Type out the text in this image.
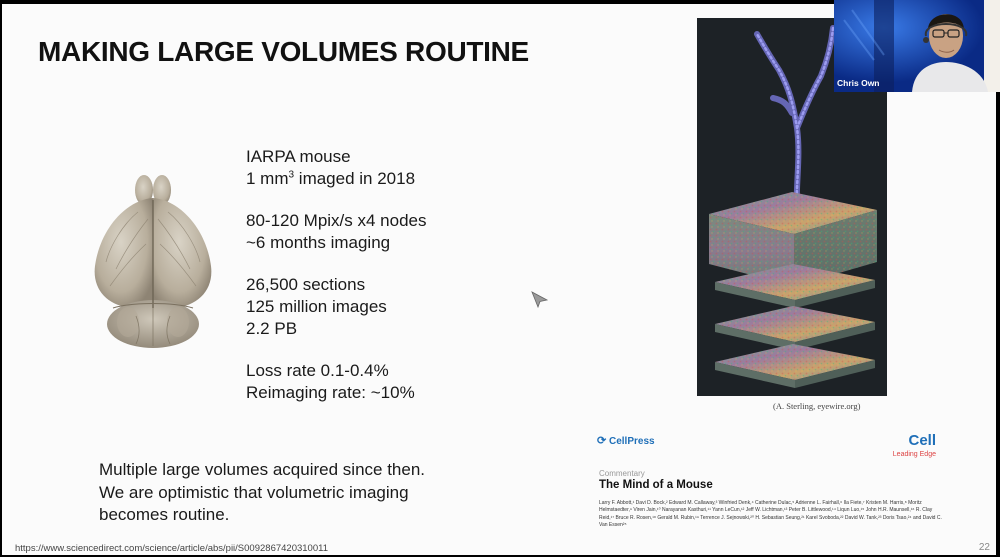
MAKING LARGE VOLUMES ROUTINE
IARPA mouse
1 $mm^3$ imaged in 2018
80-120 Mpix/s x4 nodes
~6 months imaging
26,500 sections
125 million images
2.2 PB
Loss rate 0.1-0.4%
Reimaging rate: ~10%
Multiple large volumes acquired since then.
We are optimistic that volumetric imaging
becomes routine.
https://www.sciencedirect.com/science/article/abs/pii/S0092867420310011	22
(A. Sterling, eyewire.org)
⟳ CellPress	Cell
Leading Edge
Commentary
The Mind of a Mouse
Larry F. Abbott,¹ Davi D. Bock,² Edward M. Callaway,³ Winfried Denk,⁴ Catherine Dulac,⁵ Adrienne L. Fairhall,⁶ Ila Fiete,⁷ Kristen M. Harris,⁸ Moritz Helmstaedter,⁹ Viren Jain,¹⁰ Narayanan Kasthuri,¹¹ Yann LeCun,¹² Jeff W. Lichtman,¹³ Peter B. Littlewood,¹⁴ Liqun Luo,¹⁵ John H.R. Maunsell,¹⁶ R. Clay Reid,¹⁷ Bruce R. Rosen,¹⁸ Gerald M. Rubin,¹⁹ Terrence J. Sejnowski,²⁰ H. Sebastian Seung,²¹ Karel Svoboda,²² David W. Tank,²³ Doris Tsao,²⁴ and David C. Van Essen²⁵
Chris Own
